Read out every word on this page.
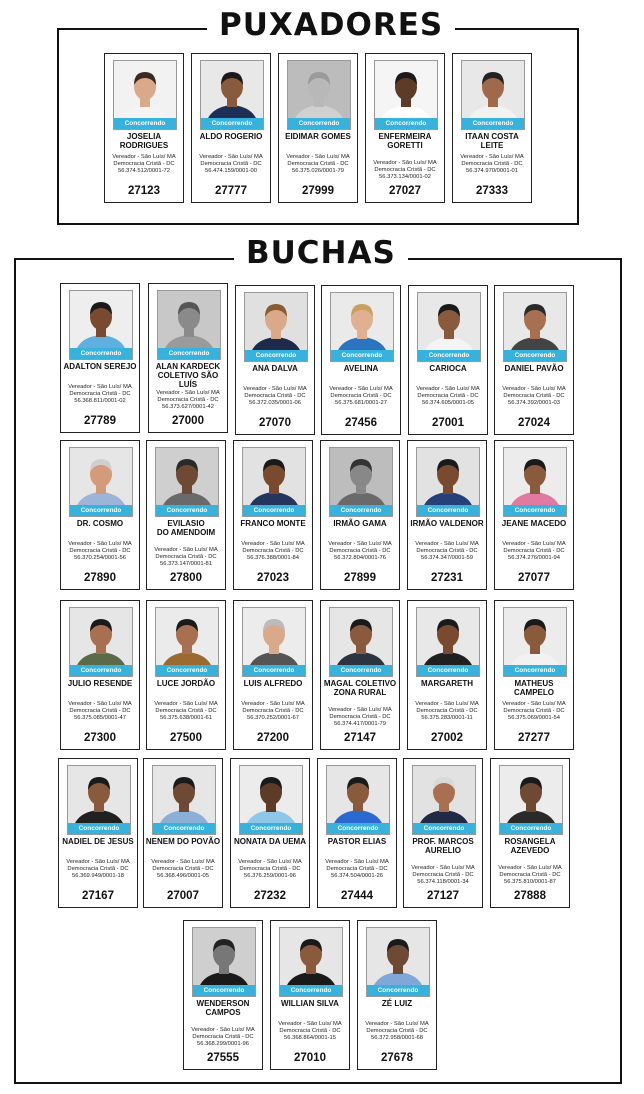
PUXADORES
BUCHAS
Concorrendo
JOSELIA RODRIGUES
Vereador - São Luís/ MA
Democracia Cristã - DC
56.374.512/0001-72
27123
Concorrendo
ALDO ROGERIO
Vereador - São Luís/ MA
Democracia Cristã - DC
56.474.159/0001-00
27777
Concorrendo
EIDIMAR GOMES
Vereador - São Luís/ MA
Democracia Cristã - DC
56.375.026/0001-79
27999
Concorrendo
ENFERMEIRA
GORETTI
Vereador - São Luís/ MA
Democracia Cristã - DC
56.373.134/0001-02
27027
Concorrendo
ITAAN COSTA LEITE
Vereador - São Luís/ MA
Democracia Cristã - DC
56.374.970/0001-01
27333
Concorrendo
ADALTON SEREJO
Vereador - São Luís/ MA
Democracia Cristã - DC
56.368.811/0001-02
27789
Concorrendo
ALAN KARDECK
COLETIVO SÃO LUÍS
Vereador - São Luís/ MA
Democracia Cristã - DC
56.373.627/0001-42
27000
Concorrendo
ANA DALVA
Vereador - São Luís/ MA
Democracia Cristã - DC
56.372.035/0001-06
27070
Concorrendo
AVELINA
Vereador - São Luís/ MA
Democracia Cristã - DC
56.375.681/0001-27
27456
Concorrendo
CARIOCA
Vereador - São Luís/ MA
Democracia Cristã - DC
56.374.605/0001-05
27001
Concorrendo
DANIEL PAVÃO
Vereador - São Luís/ MA
Democracia Cristã - DC
56.374.392/0001-03
27024
Concorrendo
DR. COSMO
Vereador - São Luís/ MA
Democracia Cristã - DC
56.370.254/0001-56
27890
Concorrendo
EVILASIO
DO AMENDOIM
Vereador - São Luís/ MA
Democracia Cristã - DC
56.373.147/0001-81
27800
Concorrendo
FRANCO MONTE
Vereador - São Luís/ MA
Democracia Cristã - DC
56.376.388/0001-84
27023
Concorrendo
IRMÃO GAMA
Vereador - São Luís/ MA
Democracia Cristã - DC
56.372.804/0001-76
27899
Concorrendo
IRMÃO VALDENOR
Vereador - São Luís/ MA
Democracia Cristã - DC
56.374.347/0001-59
27231
Concorrendo
JEANE MACEDO
Vereador - São Luís/ MA
Democracia Cristã - DC
56.374.276/0001-94
27077
Concorrendo
JULIO RESENDE
Vereador - São Luís/ MA
Democracia Cristã - DC
56.375.085/0001-47
27300
Concorrendo
LUCE JORDÃO
Vereador - São Luís/ MA
Democracia Cristã - DC
56.375.638/0001-61
27500
Concorrendo
LUIS ALFREDO
Vereador - São Luís/ MA
Democracia Cristã - DC
56.370.252/0001-67
27200
Concorrendo
MAGAL COLETIVO
ZONA RURAL
Vereador - São Luís/ MA
Democracia Cristã - DC
56.374.417/0001-79
27147
Concorrendo
MARGARETH
Vereador - São Luís/ MA
Democracia Cristã - DC
56.375.283/0001-11
27002
Concorrendo
MATHEUS CAMPELO
Vereador - São Luís/ MA
Democracia Cristã - DC
56.375.069/0001-54
27277
Concorrendo
NADIEL DE JESUS
Vereador - São Luís/ MA
Democracia Cristã - DC
56.369.949/0001-18
27167
Concorrendo
NENEM DO POVÃO
Vereador - São Luís/ MA
Democracia Cristã - DC
56.368.496/0001-05
27007
Concorrendo
NONATA DA UEMA
Vereador - São Luís/ MA
Democracia Cristã - DC
56.376.259/0001-96
27232
Concorrendo
PASTOR ELIAS
Vereador - São Luís/ MA
Democracia Cristã - DC
56.374.504/0001-26
27444
Concorrendo
PROF. MARCOS
AURELIO
Vereador - São Luís/ MA
Democracia Cristã - DC
56.374.118/0001-34
27127
Concorrendo
ROSANGELA
AZEVEDO
Vereador - São Luís/ MA
Democracia Cristã - DC
56.375.810/0001-87
27888
Concorrendo
WENDERSON
CAMPOS
Vereador - São Luís/ MA
Democracia Cristã - DC
56.368.299/0001-96
27555
Concorrendo
WILLIAN SILVA
Vereador - São Luís/ MA
Democracia Cristã - DC
56.368.864/0001-15
27010
Concorrendo
ZÉ LUIZ
Vereador - São Luís/ MA
Democracia Cristã - DC
56.372.958/0001-68
27678
